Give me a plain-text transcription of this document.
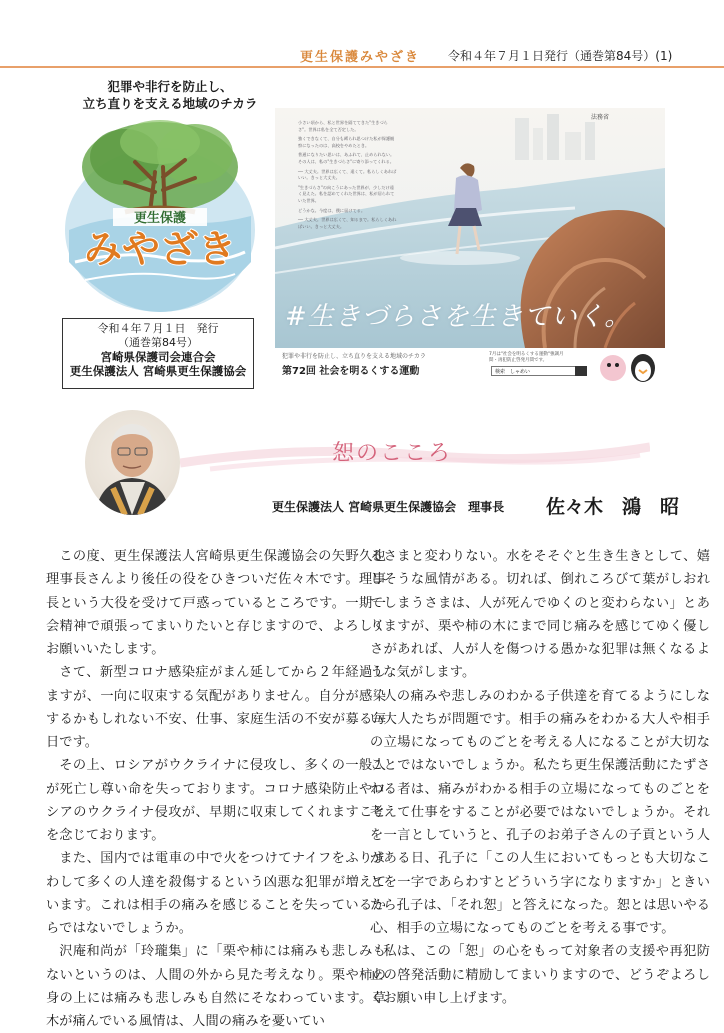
更生保護みやざき 令和４年７月１日発行（通巻第84号）(1)
犯罪や非行を防止し、
立ち直りを支える地域のチカラ
更生保護
みやざき
令和４年７月１日　発行
（通巻第84号）
宮崎県保護司会連合会
更生保護法人 宮崎県更生保護協会
法務省

小さい頃から、私と世界を隔ててきた"生きづらさ"。世界は私を全て否定した。

強くできなくて、自分も縛られ思つけた私が保護観察になったのは、高校をやめたとき。

普通になりたい思いは、あふれて、止められない。その人は、私の"生きづらさ"に寄り添ってくれる。

── 大丈夫。世界は広くて、遠くて。私らしくあればいい。きっと大丈夫。

"生きづらさ"の向こうにあった世界が、少しだけ遠く見えた。私を認めてくれた世界は、私が居られていた世界。

どうかな。今度は、僕に届けてる。

── 大丈夫。世界は広くて、知るまで。私らしくあればいい。きっと大丈夫。

#生きづらさを生きていく。
犯罪や非行を防止し、立ち直りを支える地域のチカラ
第72回 社会を明るくする運動
7月は"社会を明るくする運動"強調月間・再犯防止啓発月間です。
検索　しゃめい
恕のこころ
更生保護法人 宮崎県更生保護協会　理事長 佐々木　鴻　昭

この度、更生保護法人宮崎県更生保護協会の矢野久也理事長さんより後任の役をひきついだ佐々木です。理事長という大役を受けて戸惑っているところです。一期一会精神で頑張ってまいりたいと存じますので、よろしくお願いいたします。

さて、新型コロナ感染症がまん延してから２年経過しますが、一向に収束する気配がありません。自分が感染するかもしれない不安、仕事、家庭生活の不安が募る毎日です。

その上、ロシアがウクライナに侵攻し、多くの一般人が死亡し尊い命を失っております。コロナ感染防止やロシアのウクライナ侵攻が、早期に収束してくれますことを念じております。

また、国内では電車の中で火をつけてナイフをふりまわして多くの人達を殺傷するという凶悪な犯罪が増えています。これは相手の痛みを感じることを失っているからではないでしょうか。

沢庵和尚が「玲瓏集」に「栗や柿には痛みも悲しみもないというのは、人間の外から見た考えなり。栗や柿の身の上には痛みも悲しみも自然にそなわっています。草木が痛んでいる風情は、人間の痛みを憂いてい

るさまと変わりない。水をそそぐと生き生きとして、嬉しそうな風情がある。切れば、倒れころびて葉がしおれてしまうさまは、人が死んでゆくのと変わらない」とありますが、栗や柿の木にまで同じ痛みを感じてゆく優しさがあれば、人が人を傷つける愚かな犯罪は無くなるような気がします。

人の痛みや悲しみのわかる子供達を育てるようにしない大人たちが問題です。相手の痛みをわかる大人や相手の立場になってものごとを考える人になることが大切なことではないでしょうか。私たち更生保護活動にたずさわる者は、痛みがわかる相手の立場になってものごとを考えて仕事をすることが必要ではないでしょうか。それを一言としていうと、孔子のお弟子さんの子貢という人がある日、孔子に「この人生においてもっとも大切なことを一字であらわすとどういう字になりますか」ときいたら孔子は、「それ恕」と答えになった。恕とは思いやる心、相手の立場になってものごとを考える事です。

私は、この「恕」の心をもって対象者の支援や再犯防止の啓発活動に精励してまいりますので、どうぞよろしくお願い申し上げます。
